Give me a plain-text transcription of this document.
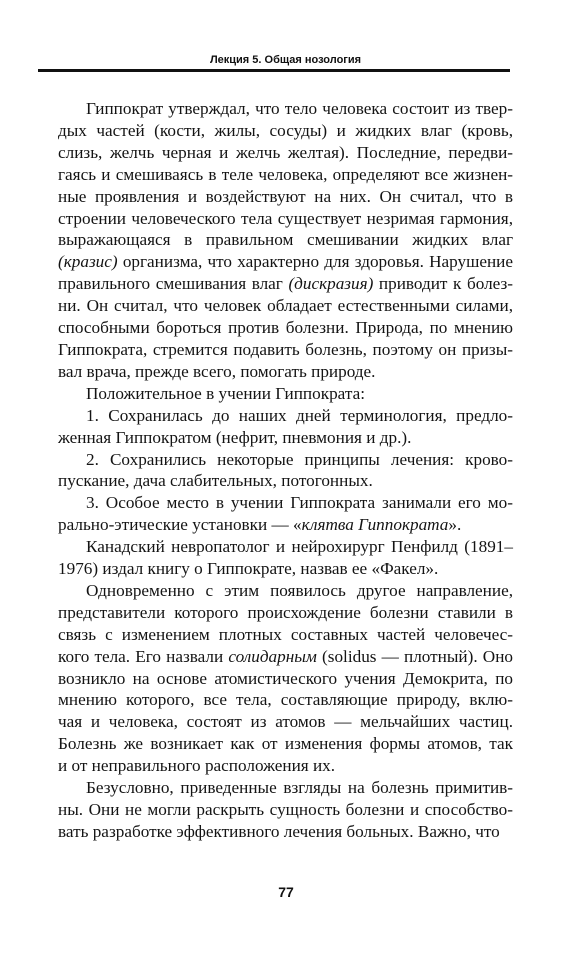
Лекция 5. Общая нозология

Гиппократ утверждал, что тело человека состоит из твер-
дых частей (кости, жилы, сосуды) и жидких влаг (кровь,
слизь, желчь черная и желчь желтая). Последние, передви-
гаясь и смешиваясь в теле человека, определяют все жизнен-
ные проявления и воздействуют на них. Он считал, что в
строении человеческого тела существует незримая гармония,
выражающаяся в правильном смешивании жидких влаг
(кразис) организма, что характерно для здоровья. Нарушение
правильного смешивания влаг (дискразия) приводит к болез-
ни. Он считал, что человек обладает естественными силами,
способными бороться против болезни. Природа, по мнению
Гиппократа, стремится подавить болезнь, поэтому он призы-
вал врача, прежде всего, помогать природе.

Положительное в учении Гиппократа:

1. Сохранилась до наших дней терминология, предло-
женная Гиппократом (нефрит, пневмония и др.).

2. Сохранились некоторые принципы лечения: крово-
пускание, дача слабительных, потогонных.

3. Особое место в учении Гиппократа занимали его мо-
рально-этические установки — «клятва Гиппократа».

Канадский невропатолог и нейрохирург Пенфилд (1891–
1976) издал книгу о Гиппократе, назвав ее «Факел».

Одновременно с этим появилось другое направление,
представители которого происхождение болезни ставили в
связь с изменением плотных составных частей человечес-
кого тела. Его назвали солидарным (solidus — плотный). Оно
возникло на основе атомистического учения Демокрита, по
мнению которого, все тела, составляющие природу, вклю-
чая и человека, состоят из атомов — мельчайших частиц.
Болезнь же возникает как от изменения формы атомов, так
и от неправильного расположения их.

Безусловно, приведенные взгляды на болезнь примитив-
ны. Они не могли раскрыть сущность болезни и способство-
вать разработке эффективного лечения больных. Важно, что

77
